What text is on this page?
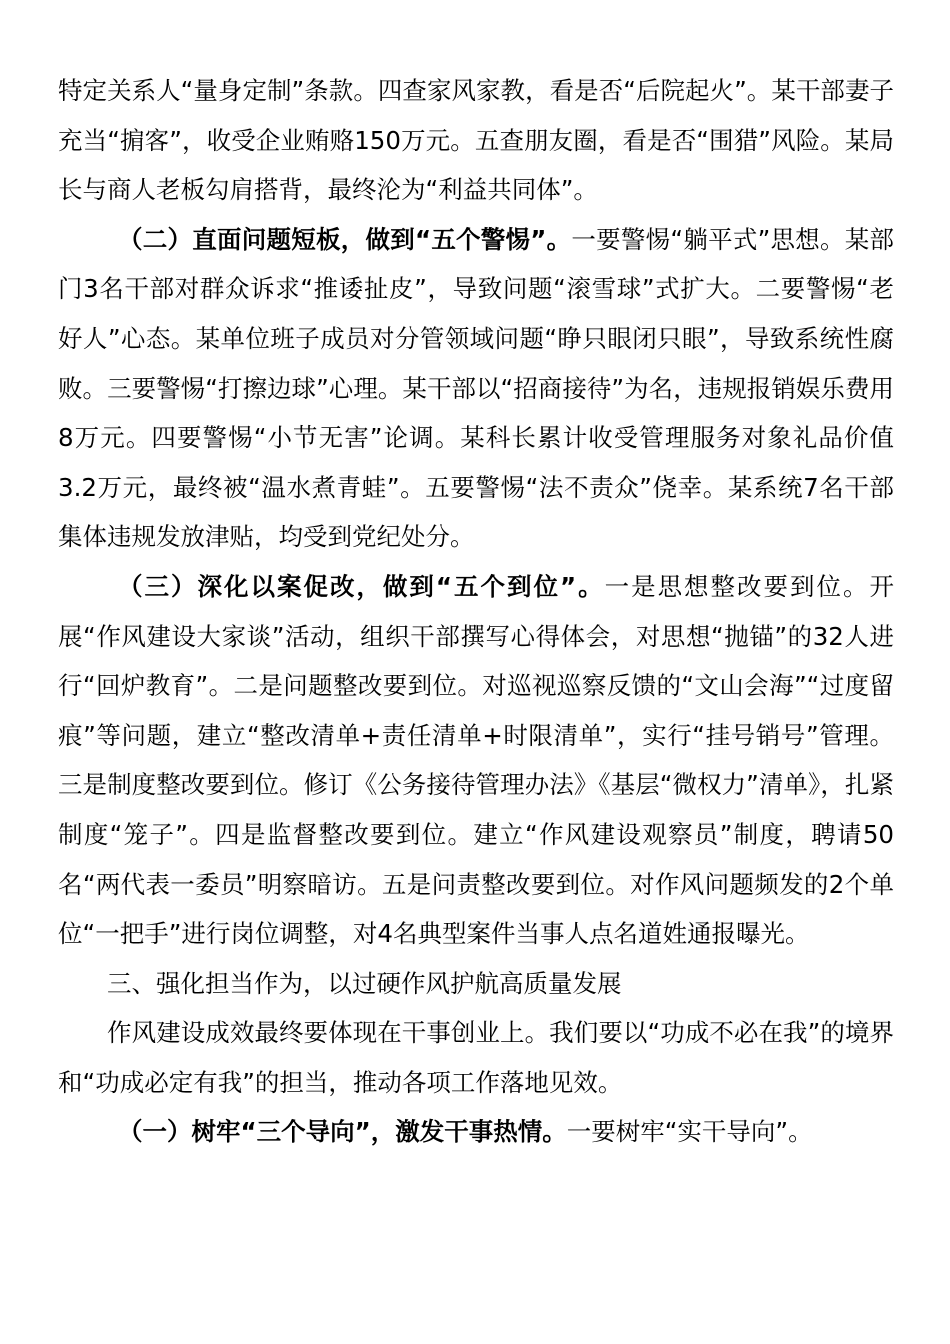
特定关系人“量身定制”条款。四查家风家教，看是否“后院起火”。某干部妻子充当“掮客”，收受企业贿赂150万元。五查朋友圈，看是否“围猎”风险。某局长与商人老板勾肩搭背，最终沦为“利益共同体”。

（二）直面问题短板，做到“五个警惕”。一要警惕“躺平式”思想。某部门3名干部对群众诉求“推诿扯皮”，导致问题“滚雪球”式扩大。二要警惕“老好人”心态。某单位班子成员对分管领域问题“睁只眼闭只眼”，导致系统性腐败。三要警惕“打擦边球”心理。某干部以“招商接待”为名，违规报销娱乐费用8万元。四要警惕“小节无害”论调。某科长累计收受管理服务对象礼品价值3.2万元，最终被“温水煮青蛙”。五要警惕“法不责众”侥幸。某系统7名干部集体违规发放津贴，均受到党纪处分。

（三）深化以案促改，做到“五个到位”。一是思想整改要到位。开展“作风建设大家谈”活动，组织干部撰写心得体会，对思想“抛锚”的32人进行“回炉教育”。二是问题整改要到位。对巡视巡察反馈的“文山会海”“过度留痕”等问题，建立“整改清单+责任清单+时限清单”，实行“挂号销号”管理。三是制度整改要到位。修订《公务接待管理办法》《基层“微权力”清单》，扎紧制度“笼子”。四是监督整改要到位。建立“作风建设观察员”制度，聘请50名“两代表一委员”明察暗访。五是问责整改要到位。对作风问题频发的2个单位“一把手”进行岗位调整，对4名典型案件当事人点名道姓通报曝光。

三、强化担当作为，以过硬作风护航高质量发展

作风建设成效最终要体现在干事创业上。我们要以“功成不必在我”的境界和“功成必定有我”的担当，推动各项工作落地见效。

（一）树牢“三个导向”，激发干事热情。一要树牢“实干导向”。
